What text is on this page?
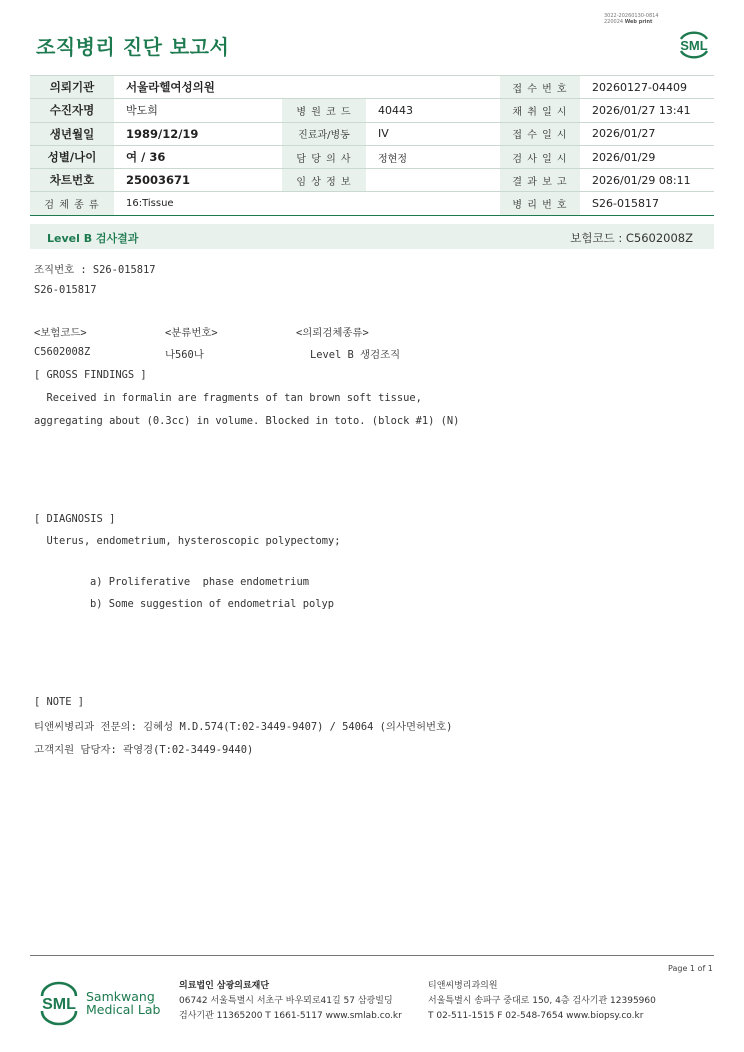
3022-20260130-0814
220024 Web print
조직병리 진단 보고서	SML
의뢰기관	서울라헬여성의원			접 수 번 호	20260127-04409
수진자명	박도희	병 원 코 드	40443	채 취 일 시	2026/01/27 13:41
생년월일	1989/12/19	진료과/병동	IV	접 수 일 시	2026/01/27
성별/나이	여 / 36	담 당 의 사	정현정	검 사 일 시	2026/01/29
차트번호	25003671	임 상 정 보		결 과 보 고	2026/01/29 08:11
검 체 종 류	16:Tissue			병 리 번 호	S26-015817
Level B 검사결과	보험코드 : C5602008Z
조직번호 : S26-015817
S26-015817
<보험코드>	<분류번호>	<의뢰검체종류>
C5602008Z	나560나	Level B 생검조직
[ GROSS FINDINGS ]
Received in formalin are fragments of tan brown soft tissue,
aggregating about (0.3cc) in volume. Blocked in toto. (block #1) (N)
[ DIAGNOSIS ]
Uterus, endometrium, hysteroscopic polypectomy;
a) Proliferative  phase endometrium
b) Some suggestion of endometrial polyp
[ NOTE ]
티앤씨병리과 전문의: 김혜성 M.D.574(T:02-3449-9407) / 54064 (의사면허번호)
고객지원 담당자: 곽영경(T:02-3449-9440)
Page 1 of 1
SML Samkwang
Medical Lab
의료법인 삼광의료재단
06742 서울특별시 서초구 바우뫼로41길 57 삼광빌딩
검사기관 11365200 T 1661-5117 www.smlab.co.kr
티앤씨병리과의원
서울특별시 송파구 중대로 150, 4층 검사기관 12395960
T 02-511-1515 F 02-548-7654 www.biopsy.co.kr
